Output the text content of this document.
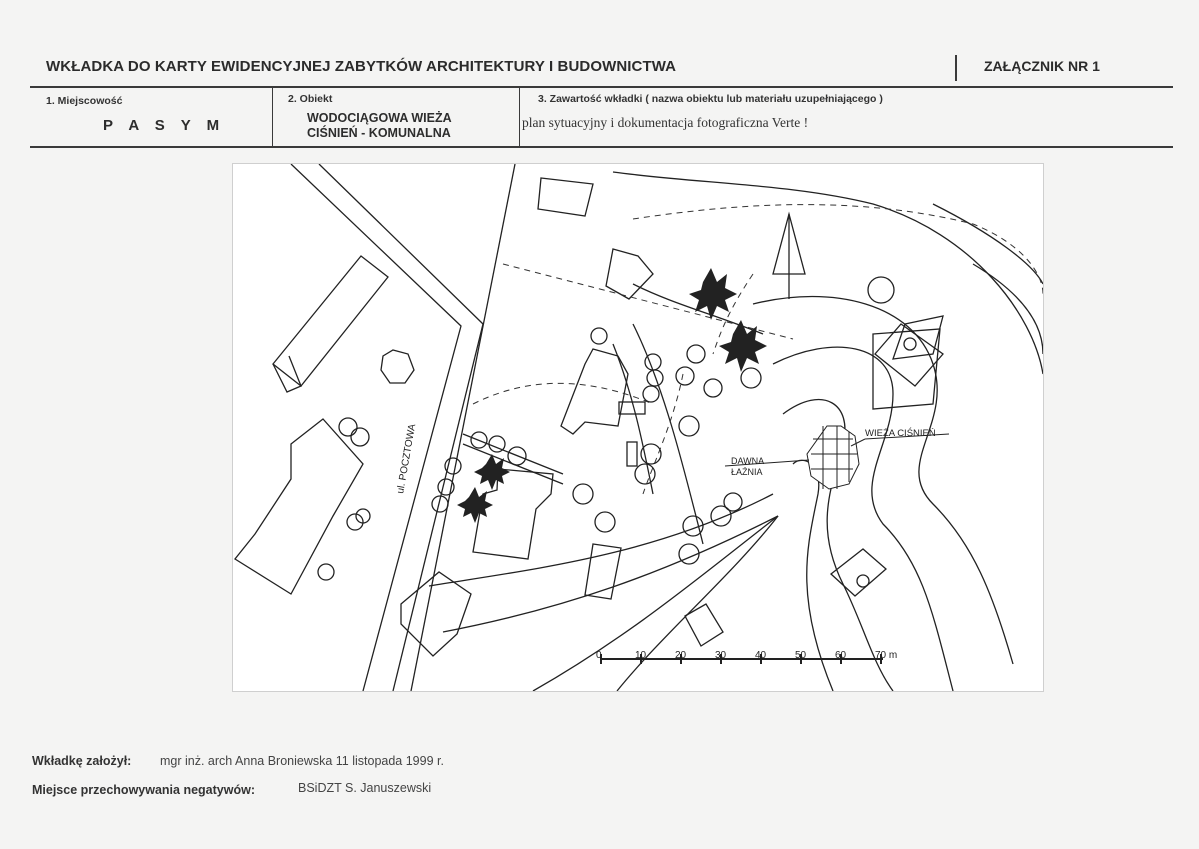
WKŁADKA DO KARTY EWIDENCYJNEJ ZABYTKÓW ARCHITEKTURY I BUDOWNICTWA	ZAŁĄCZNIK NR 1
1. Miejscowość
P A S Y M
2. Obiekt
WODOCIĄGOWA WIEŻA
CIŚNIEŃ - KOMUNALNA
3. Zawartość wkładki ( nazwa obiektu lub materiału uzupełniającego )
plan sytuacyjny i dokumentacja fotograficzna Verte !
0	10	20	30	40	50	60	70 m
ul. POCZTOWA	WIEŻA CIŚNIEŃ
DAWNA
ŁAŹNIA
Wkładkę założył: mgr inż. arch Anna Broniewska 11 listopada 1999 r.
Miejsce przechowywania negatywów:	BSiDZT S. Januszewski
